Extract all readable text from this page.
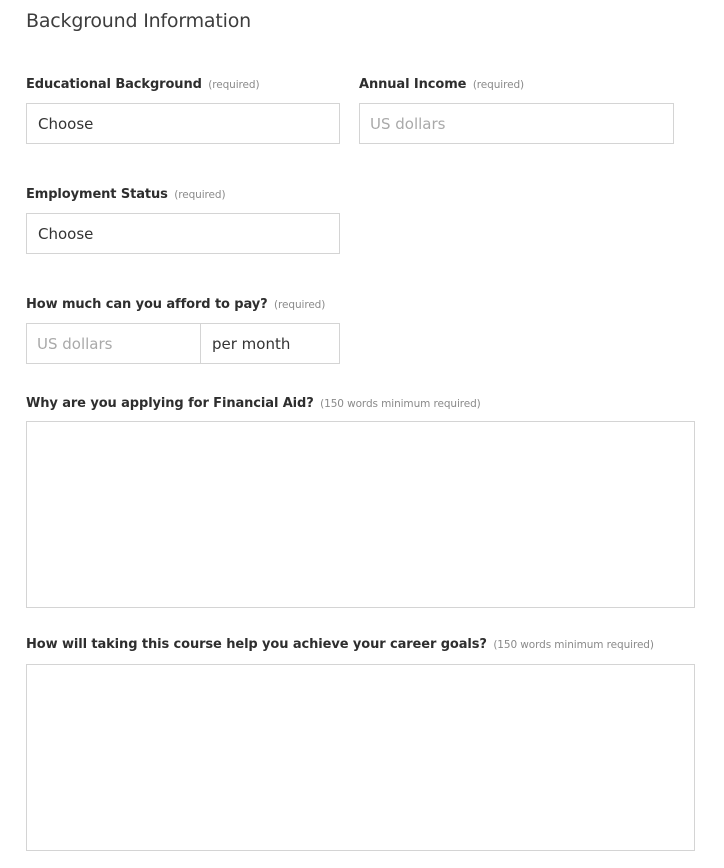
Background Information
Educational Background (required)
Choose
Annual Income (required)
US dollars
Employment Status (required)
Choose
How much can you afford to pay? (required)
US dollars
per month
Why are you applying for Financial Aid? (150 words minimum required)
How will taking this course help you achieve your career goals? (150 words minimum required)
